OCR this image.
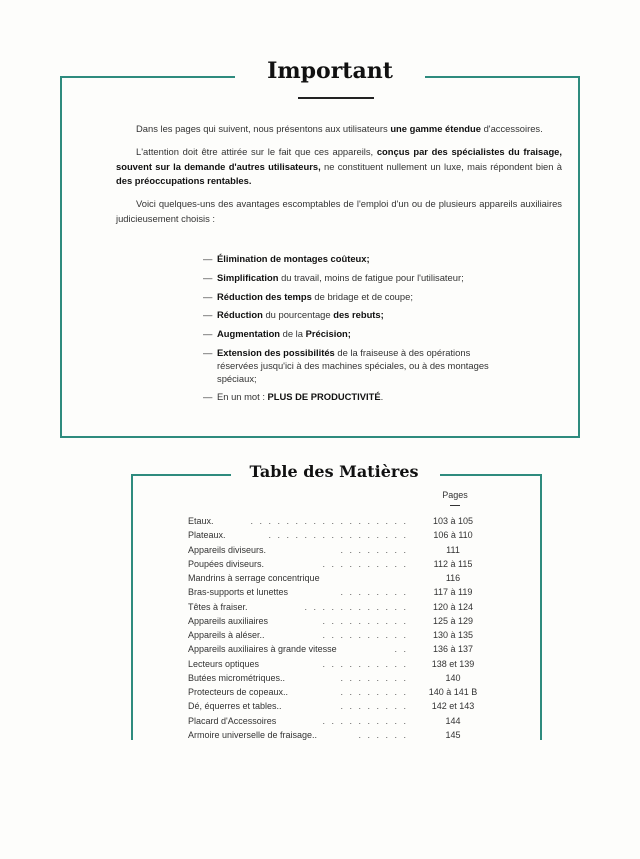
Important

Dans les pages qui suivent, nous présentons aux utilisateurs une gamme étendue d'accessoires.

L'attention doit être attirée sur le fait que ces appareils, conçus par des spécialistes du fraisage, souvent sur la demande d'autres utilisateurs, ne constituent nullement un luxe, mais répondent bien à des préoccupations rentables.

Voici quelques-uns des avantages escomptables de l'emploi d'un ou de plusieurs appareils auxiliaires judicieusement choisis :

— Élimination de montages coûteux;
— Simplification du travail, moins de fatigue pour l'utilisateur;
— Réduction des temps de bridage et de coupe;
— Réduction du pourcentage des rebuts;
— Augmentation de la Précision;
— Extension des possibilités de la fraiseuse à des opérations réservées jusqu'ici à des machines spéciales, ou à des montages spéciaux;
— En un mot : PLUS DE PRODUCTIVITÉ.
Table des Matières
Pages
Etaux.	. . . . . . . . . . . . . . . . . .	103 à 105
Plateaux.	. . . . . . . . . . . . . . . .	106 à 110
Appareils diviseurs.	. . . . . . . .	111
Poupées diviseurs.	. . . . . . . . . .	112 à 115
Mandrins à serrage concentrique	116
Bras-supports et lunettes	. . . . . . . .	117 à 119
Têtes à fraiser.	. . . . . . . . . . . .	120 à 124
Appareils auxiliaires	. . . . . . . . . .	125 à 129
Appareils à aléser..	. . . . . . . . . .	130 à 135
Appareils auxiliaires à grande vitesse	. .	136 à 137
Lecteurs optiques	. . . . . . . . . .	138 et 139
Butées micrométriques..	. . . . . . . .	140
Protecteurs de copeaux..	. . . . . . . .	140 à 141 B
Dé, équerres et tables..	. . . . . . . .	142 et 143
Placard d'Accessoires	. . . . . . . . . .	144
Armoire universelle de fraisage..	. . . . . .	145
